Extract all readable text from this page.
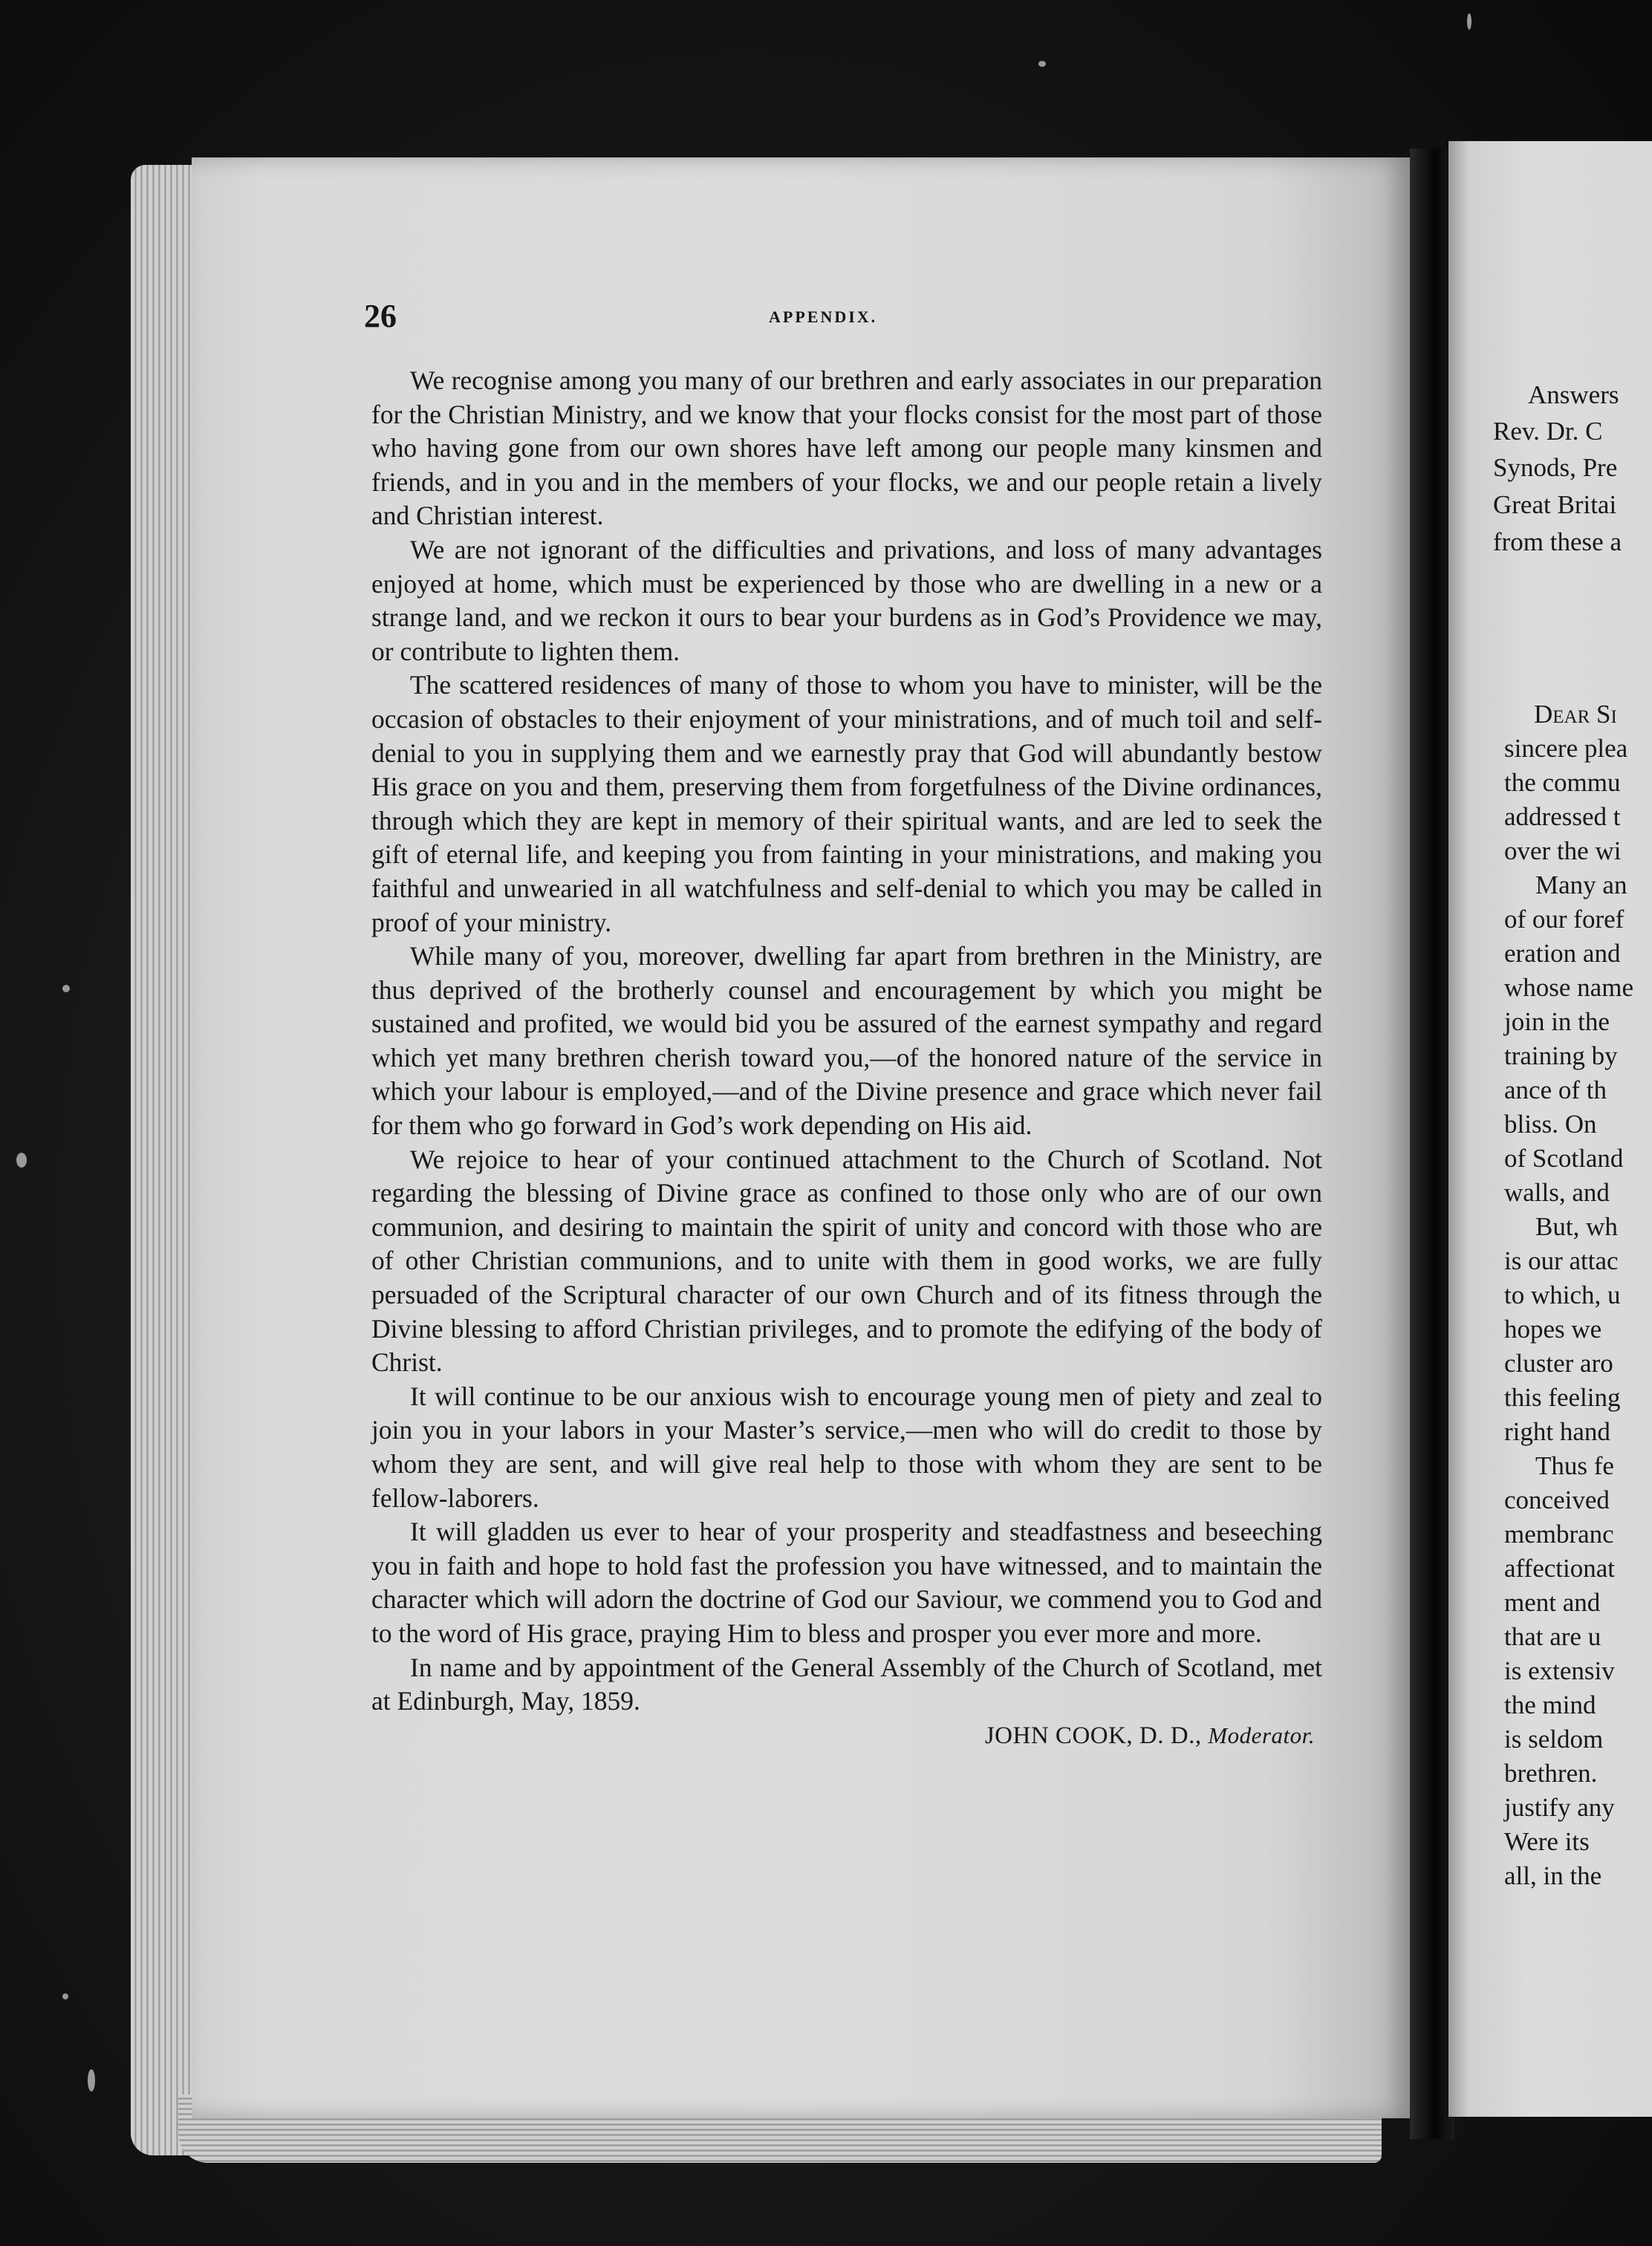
26	APPENDIX.

We recognise among you many of our brethren and early associates in our preparation for the Christian Ministry, and we know that your flocks consist for the most part of those who having gone from our own shores have left among our people many kinsmen and friends, and in you and in the members of your flocks, we and our people retain a lively and Christian interest.

We are not ignorant of the difficulties and privations, and loss of many advantages enjoyed at home, which must be experienced by those who are dwelling in a new or a strange land, and we reckon it ours to bear your burdens as in God’s Providence we may, or contribute to lighten them.

The scattered residences of many of those to whom you have to minister, will be the occasion of obstacles to their enjoyment of your ministrations, and of much toil and self-denial to you in supplying them and we earnestly pray that God will abundantly bestow His grace on you and them, preserving them from forgetfulness of the Divine ordinances, through which they are kept in memory of their spiritual wants, and are led to seek the gift of eternal life, and keeping you from fainting in your ministrations, and making you faithful and unwearied in all watchfulness and self-denial to which you may be called in proof of your ministry.

While many of you, moreover, dwelling far apart from brethren in the Ministry, are thus deprived of the brotherly counsel and encouragement by which you might be sustained and profited, we would bid you be assured of the earnest sympathy and regard which yet many brethren cherish toward you,—of the honored nature of the service in which your labour is employed,—and of the Divine presence and grace which never fail for them who go forward in God’s work depending on His aid.

We rejoice to hear of your continued attachment to the Church of Scotland. Not regarding the blessing of Divine grace as confined to those only who are of our own communion, and desiring to maintain the spirit of unity and concord with those who are of other Christian communions, and to unite with them in good works, we are fully persuaded of the Scriptural character of our own Church and of its fitness through the Divine blessing to afford Christian privileges, and to promote the edifying of the body of Christ.

It will continue to be our anxious wish to encourage young men of piety and zeal to join you in your labors in your Master’s service,—men who will do credit to those by whom they are sent, and will give real help to those with whom they are sent to be fellow-laborers.

It will gladden us ever to hear of your prosperity and steadfastness and beseeching you in faith and hope to hold fast the profession you have witnessed, and to maintain the character which will adorn the doctrine of God our Saviour, we commend you to God and to the word of His grace, praying Him to bless and prosper you ever more and more.

In name and by appointment of the General Assembly of the Church of Scotland, met at Edinburgh, May, 1859.

JOHN COOK, D. D., Moderator.

Answers
Rev. Dr. C
Synods, Pre
Great Britai
from these a
Dear Si
sincere plea
the commu
addressed t
over the wi
Many an
of our foref
eration and
whose name
join in the
training by
ance of th
bliss. On
of Scotland
walls, and
But, wh
is our attac
to which, u
hopes we
cluster aro
this feeling
right hand
Thus fe
conceived
membranc
affectionat
ment and
that are u
is extensiv
the mind
is seldom
brethren.
justify any
Were its
all, in the
